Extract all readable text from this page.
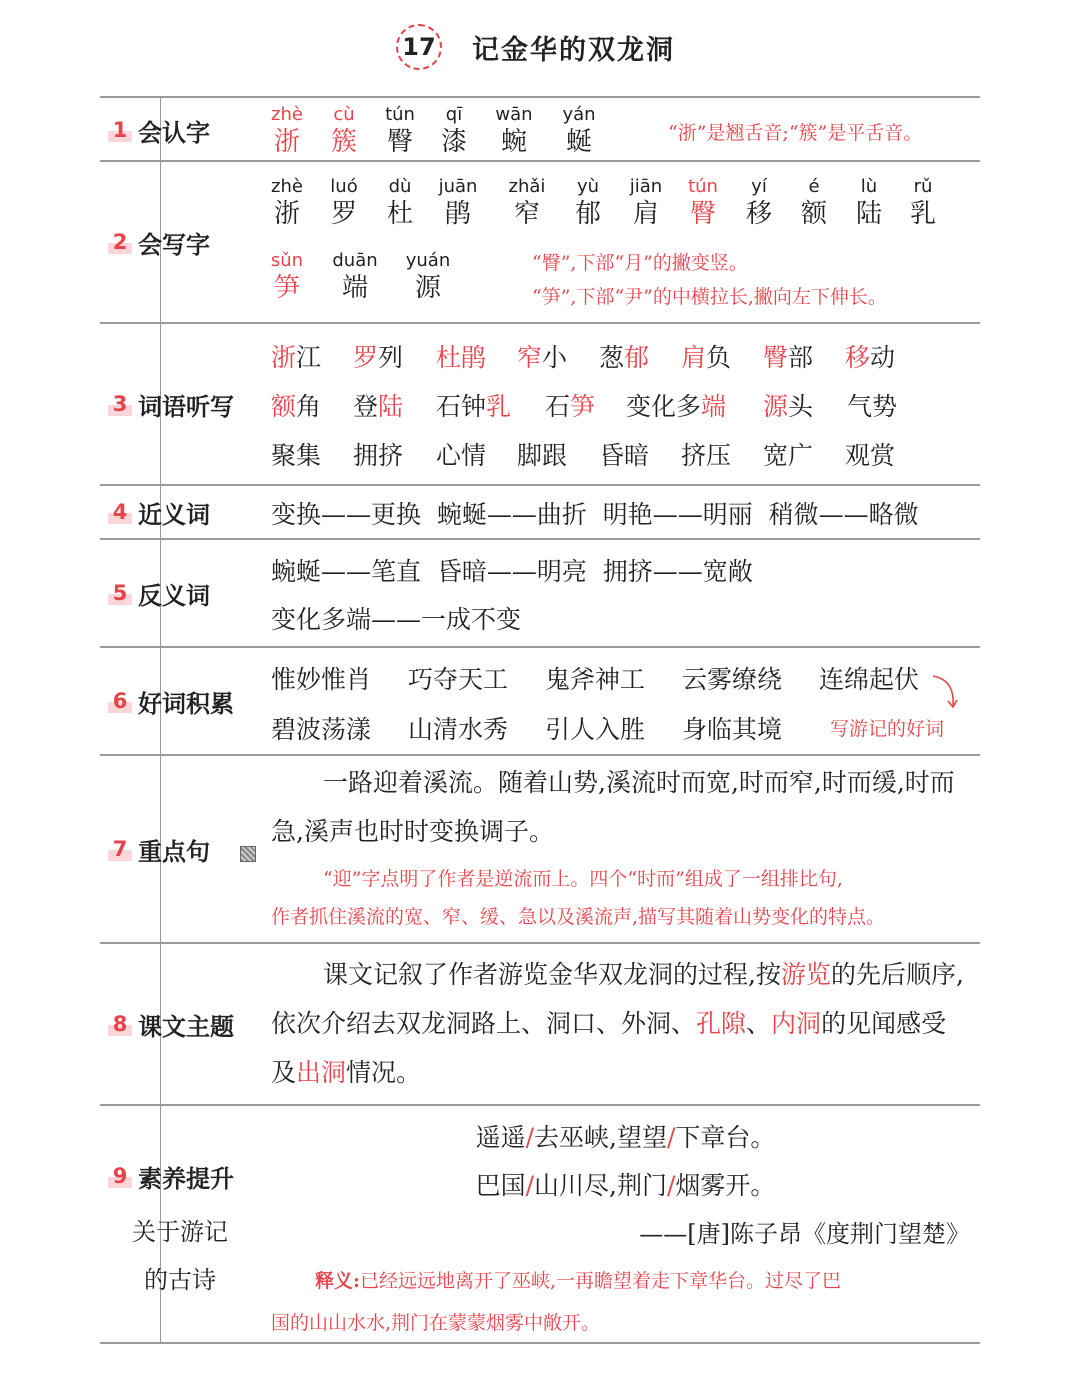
17 记金华的双龙洞
1 会认字
zhè
浙
cù
簇
tún
臀
qī
漆
wān
蜿
yán
蜒	“浙”是翘舌音;“簇”是平舌音。
2 会写字
zhè
浙
luó
罗
dù
杜
juān
鹃
zhǎi
窄
yù
郁
jiān
肩
tún
臀
yí
移
é
额
lù
陆
rǔ
乳
sǔn
笋
duān
端
yuán
源
“臀”,下部“月”的撇变竖。
“笋”,下部“尹”的中横拉长,撇向左下伸长。
3 词语听写
浙江 罗列 杜鹃 窄小 葱郁 肩负 臀部 移动
额角 登陆 石钟乳 石笋 变化多端 源头 气势
聚集 拥挤 心情 脚跟 昏暗 挤压 宽广 观赏
4 近义词 变换——更换  蜿蜒——曲折  明艳——明丽  稍微——略微
5 反义词
蜿蜒——笔直  昏暗——明亮  拥挤——宽敞
变化多端——一成不变
6 好词积累
惟妙惟肖 巧夺天工 鬼斧神工 云雾缭绕 连绵起伏
碧波荡漾 山清水秀 引人入胜 身临其境	写游记的好词
7 重点句
一路迎着溪流。随着山势,溪流时而宽,时而窄,时而缓,时而急,溪声也时时变换调子。
“迎”字点明了作者是逆流而上。四个“时而”组成了一组排比句,
作者抓住溪流的宽、窄、缓、急以及溪流声,描写其随着山势变化的特点。
8 课文主题
课文记叙了作者游览金华双龙洞的过程,按游览的先后顺序,依次介绍去双龙洞路上、洞口、外洞、孔隙、内洞的见闻感受及出洞情况。
9 素养提升
关于游记
的古诗
遥遥/去巫峡,望望/下章台。
巴国/山川尽,荆门/烟雾开。
——[唐]陈子昂《度荆门望楚》
释义:已经远远地离开了巫峡,一再瞻望着走下章华台。过尽了巴
国的山山水水,荆门在蒙蒙烟雾中敞开。
